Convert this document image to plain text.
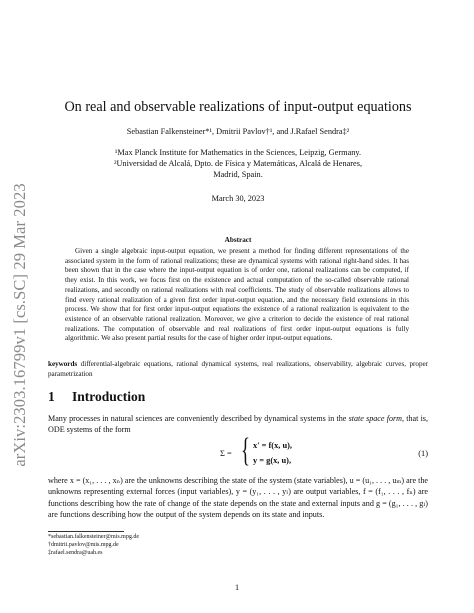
arXiv:2303.16799v1 [cs.SC] 29 Mar 2023
On real and observable realizations of input-output equations
Sebastian Falkensteiner*¹, Dmitrii Pavlov†¹, and J.Rafael Sendra‡²
¹Max Planck Institute for Mathematics in the Sciences, Leipzig, Germany.
²Universidad de Alcalá, Dpto. de Física y Matemáticas, Alcalá de Henares,
Madrid, Spain.
March 30, 2023
Abstract
Given a single algebraic input-output equation, we present a method for finding different representations of the associated system in the form of rational realizations; these are dynamical systems with rational right-hand sides. It has been shown that in the case where the input-output equation is of order one, rational realizations can be computed, if they exist. In this work, we focus first on the existence and actual computation of the so-called observable rational realizations, and secondly on rational realizations with real coefficients. The study of observable realizations allows to find every rational realization of a given first order input-output equation, and the necessary field extensions in this process. We show that for first order input-output equations the existence of a rational realization is equivalent to the existence of an observable rational realization. Moreover, we give a criterion to decide the existence of real rational realizations. The computation of observable and real realizations of first order input-output equations is fully algorithmic. We also present partial results for the case of higher order input-output equations.
keywords differential-algebraic equations, rational dynamical systems, real realizations, observability, algebraic curves, proper parametrization
1 Introduction
Many processes in natural sciences are conveniently described by dynamical systems in the state space form, that is, ODE systems of the form
Σ = { x′ = f(x, u),
y = g(x, u),
(1)
where x = (x₁, . . . , xₙ) are the unknowns describing the state of the system (state variables), u = (u₁, . . . , uₘ) are the unknowns representing external forces (input variables), y = (y₁, . . . , yₗ) are output variables, f = (f₁, . . . , fₙ) are functions describing how the rate of change of the state depends on the state and external inputs and g = (g₁, . . . , gₗ) are functions describing how the output of the system depends on its state and inputs.
*sebastian.falkensteiner@mis.mpg.de
†dmitrii.pavlov@mis.mpg.de
‡rafael.sendra@uah.es
1
